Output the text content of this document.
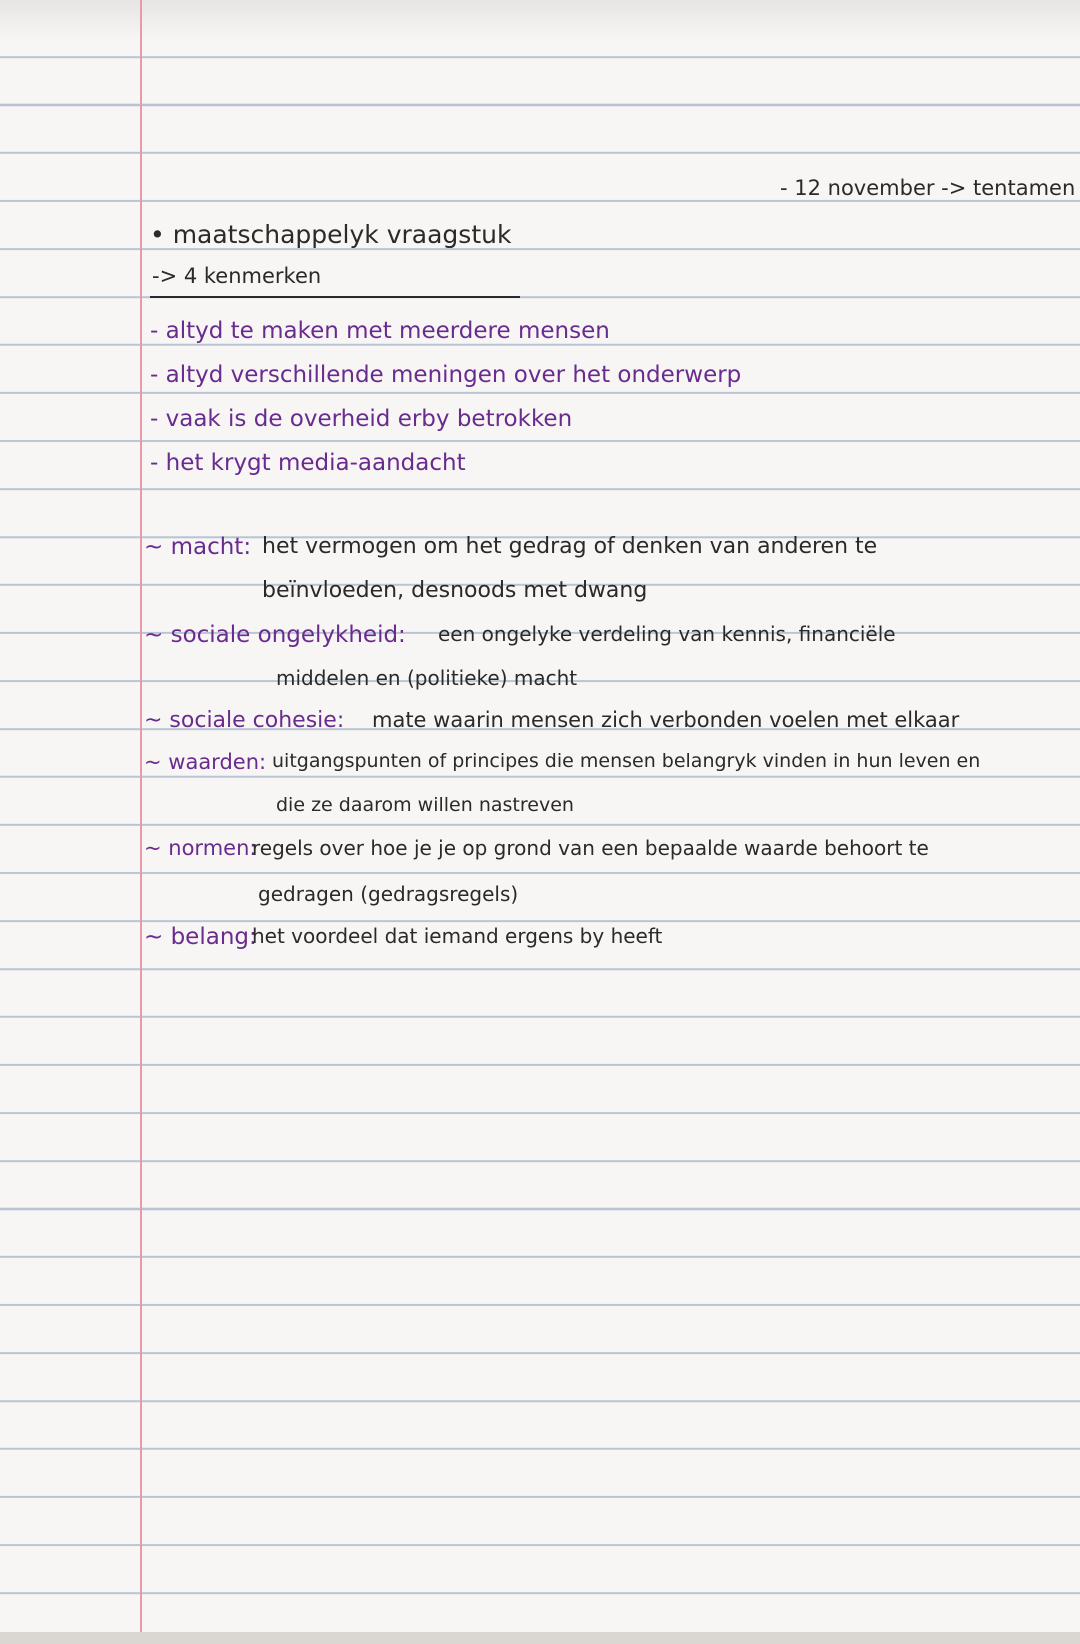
- 12 november -> tentamen
• maatschappelyk vraagstuk
-> 4 kenmerken
- altyd te maken met meerdere mensen
- altyd verschillende meningen over het onderwerp
- vaak is de overheid erby betrokken
- het krygt media-aandacht
~ macht: het vermogen om het gedrag of denken van anderen te
beïnvloeden, desnoods met dwang
~ sociale ongelykheid: een ongelyke verdeling van kennis, financiële
middelen en (politieke) macht
~ sociale cohesie: mate waarin mensen zich verbonden voelen met elkaar
~ waarden: uitgangspunten of principes die mensen belangryk vinden in hun leven en
die ze daarom willen nastreven
~ normen:
regels over hoe je je op grond van een bepaalde waarde behoort te
gedragen (gedragsregels)
~ belang:
het voordeel dat iemand ergens by heeft
